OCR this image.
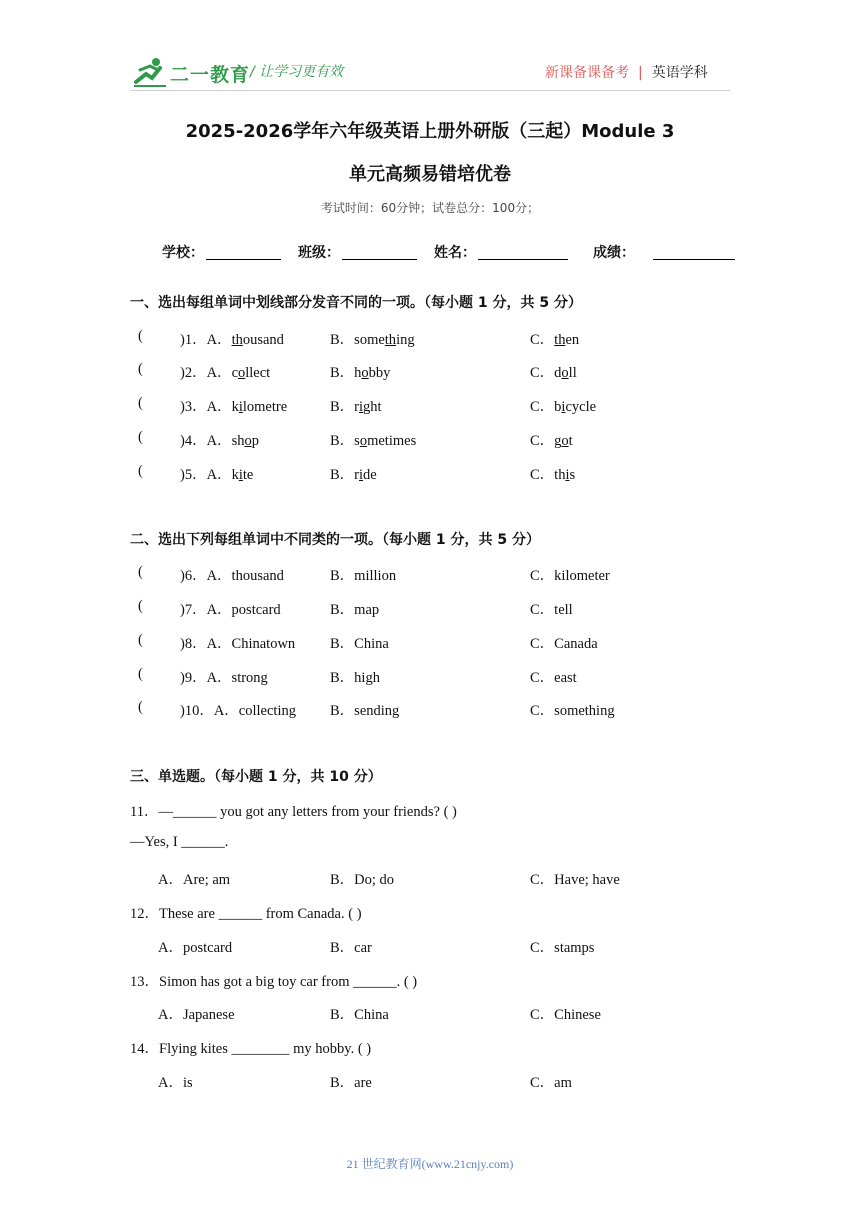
二一教育 / 让学习更有效	新课备课备考 | 英语学科
2025-2026学年六年级英语上册外研版（三起）Module 3
单元高频易错培优卷
考试时间：60分钟；试卷总分：100分；
学校：	班级：	姓名：	成绩：
一、选出每组单词中划线部分发音不同的一项。（每小题 1 分，共 5 分）
(	)1．A．thousand	B．something	C．then
(	)2．A．collect	B．hobby	C．doll
(	)3．A．kilometre	B．right	C．bicycle
(	)4．A．shop	B．sometimes	C．got
(	)5．A．kite	B．ride	C．this
二、选出下列每组单词中不同类的一项。（每小题 1 分，共 5 分）
(	)6．A．thousand	B．million	C．kilometer
(	)7．A．postcard	B．map	C．tell
(	)8．A．Chinatown B．China	C．Canada
(	)9．A．strong	B．high	C．east
(	)10．A．collecting B．sending	C．something
三、单选题。（每小题 1 分，共 10 分）
11．—______ you got any letters from your friends? ( )
—Yes, I ______.
A．Are; am	B．Do; do	C．Have; have
12．These are ______ from Canada. ( )
A．postcard	B．car	C．stamps
13．Simon has got a big toy car from ______. ( )
A．Japanese	B．China	C．Chinese
14．Flying kites ________ my hobby. ( )
A．is	B．are	C．am
21 世纪教育网(www.21cnjy.com)
